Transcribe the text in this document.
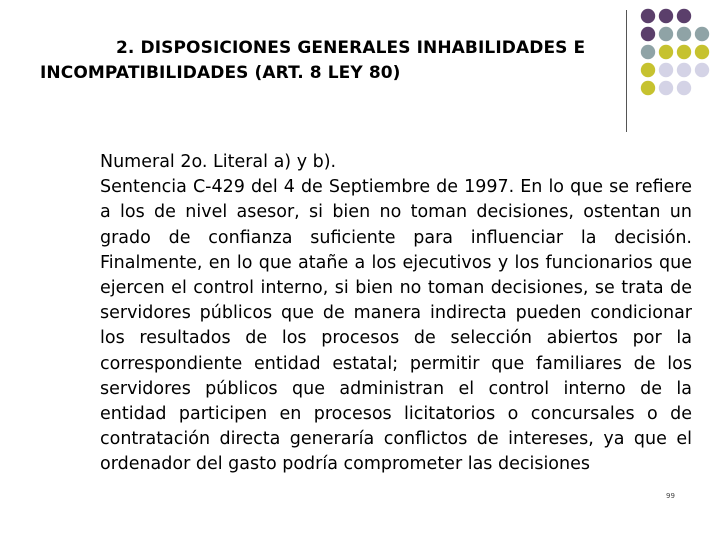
2. DISPOSICIONES GENERALES INHABILIDADES E INCOMPATIBILIDADES (ART. 8 LEY 80)

Numeral 2o. Literal a) y b).

Sentencia C-429 del 4 de Septiembre de 1997. En lo que se refiere a los de nivel asesor, si bien no toman decisiones, ostentan un grado de confianza suficiente para influenciar la decisión. Finalmente, en lo que atañe a los ejecutivos y los funcionarios que ejercen el control interno, si bien no toman decisiones, se trata de servidores públicos que de manera indirecta pueden condicionar los resultados de los procesos de selección abiertos por la correspondiente entidad estatal; permitir que familiares de los servidores públicos que administran el control interno de la entidad participen en procesos licitatorios o concursales o de contratación directa generaría conflictos de intereses, ya que el ordenador del gasto podría comprometer las decisiones

99
